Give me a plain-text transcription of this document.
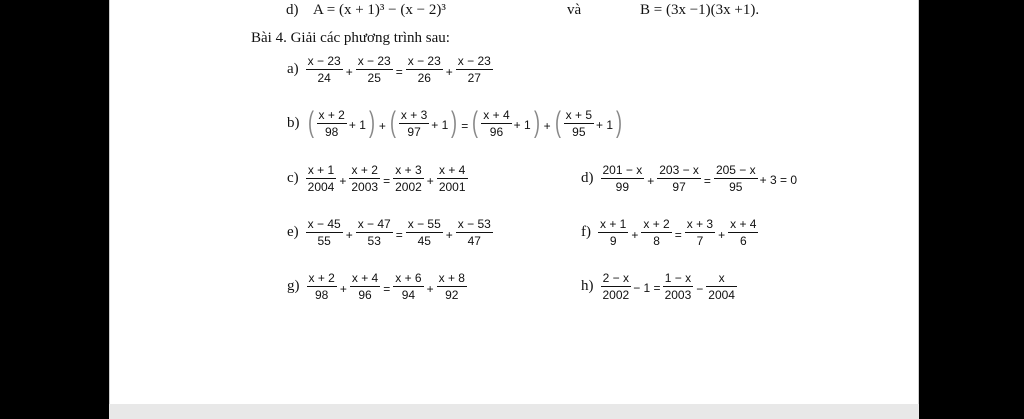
d) A = (x + 1)³ − (x − 2)³	và	B = (3x −1)(3x +1).
Bài 4. Giải các phương trình sau:
$a) \frac{x - 23}{24} + \frac{x - 23}{25} = \frac{x - 23}{26} + \frac{x - 23}{27}$
b) ( $\frac{x + 2}{98} + 1$ ) + ( $\frac{x + 3}{97} + 1$ ) = ( $\frac{x + 4}{96} + 1$ ) + ( $\frac{x + 5}{95} + 1$ )
$c) \frac{x + 1}{2004} + \frac{x + 2}{2003} = \frac{x + 3}{2002} + \frac{x + 4}{2001}$	$d) \frac{201 - x}{99} + \frac{203 - x}{97} = \frac{205 - x}{95} + 3 = 0$
$e) \frac{x - 45}{55} + \frac{x - 47}{53} = \frac{x - 55}{45} + \frac{x - 53}{47}$	$f) \frac{x + 1}{9} + \frac{x + 2}{8} = \frac{x + 3}{7} + \frac{x + 4}{6}$
$g) \frac{x + 2}{98} + \frac{x + 4}{96} = \frac{x + 6}{94} + \frac{x + 8}{92}$	$h) \frac{2 - x}{2002} - 1 = \frac{1 - x}{2003} - \frac{x}{2004}$
